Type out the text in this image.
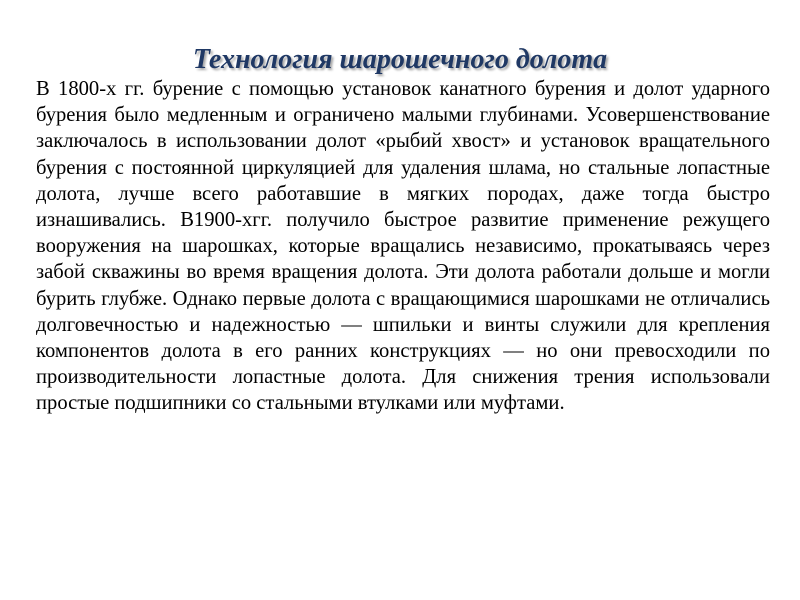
Технология шарошечного долота

В 1800-х гг. бурение с помощью установок канатного бурения и долот ударного бурения было медленным и ограничено малыми глубинами. Усовершенствование заключалось в использовании долот «рыбий хвост» и установок вращательного бурения с постоянной циркуляцией для удаления шлама, но стальные лопастные долота, лучше всего работавшие в мягких породах, даже тогда быстро изнашивались. В1900-хгг. получило быстрое развитие применение режущего вооружения на шарошках, которые вращались независимо, прокатываясь через забой скважины во время вращения долота. Эти долота работали дольше и могли бурить глубже. Однако первые долота с вращающимися шарошками не отличались долговечностью и надежностью — шпильки и винты служили для крепления компонентов долота в его ранних конструкциях — но они превосходили по производительности лопастные долота. Для снижения трения использовали простые подшипники со стальными втулками или муфтами.
